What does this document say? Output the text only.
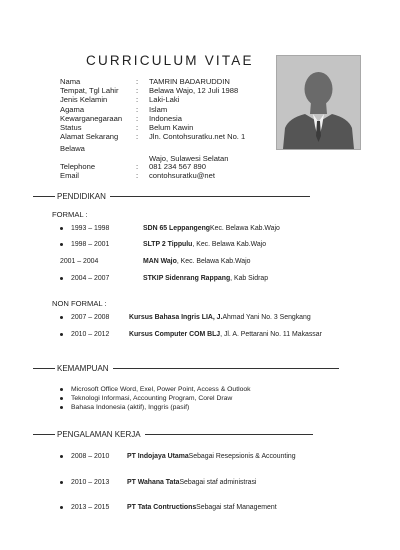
CURRICULUM VITAE
Nama	:	TAMRIN BADARUDDIN
Tempat, Tgl Lahir	:	Belawa Wajo, 12 Juli 1988
Jenis Kelamin	:	Laki-Laki
Agama	:	Islam
Kewarganegaraan	:	Indonesia
Status	:	Belum Kawin
Alamat Sekarang	:	Jln. Contohsuratku.net No. 1
Belawa
Wajo, Sulawesi Selatan
Telephone	:	081 234 567 890
Email	:	contohsuratku@net
PENDIDIKAN
FORMAL :
1993 – 1998	SDN 65 Leppangeng Kec. Belawa Kab.Wajo
1998 – 2001	SLTP 2 Tippulu , Kec. Belawa Kab.Wajo
2001 – 2004	MAN Wajo , Kec. Belawa Kab.Wajo
2004 – 2007	STKIP Sidenrang Rappang , Kab Sidrap
NON FORMAL :
2007 – 2008	Kursus Bahasa Ingris LIA, J. Ahmad Yani No. 3 Sengkang
2010 – 2012	Kursus Computer COM BLJ , Jl. A. Pettarani No. 11 Makassar
KEMAMPUAN
Microsoft Office Word, Exel, Power Point, Access & Outlook
Teknologi Informasi, Accounting Program, Corel Draw
Bahasa Indonesia (aktif), Inggris (pasif)
PENGALAMAN KERJA
2008 – 2010	PT Indojaya Utama Sebagai Resepsionis & Accounting
2010 – 2013	PT Wahana Tata Sebagai staf administrasi
2013 – 2015	PT Tata Contructions Sebagai staf Management
